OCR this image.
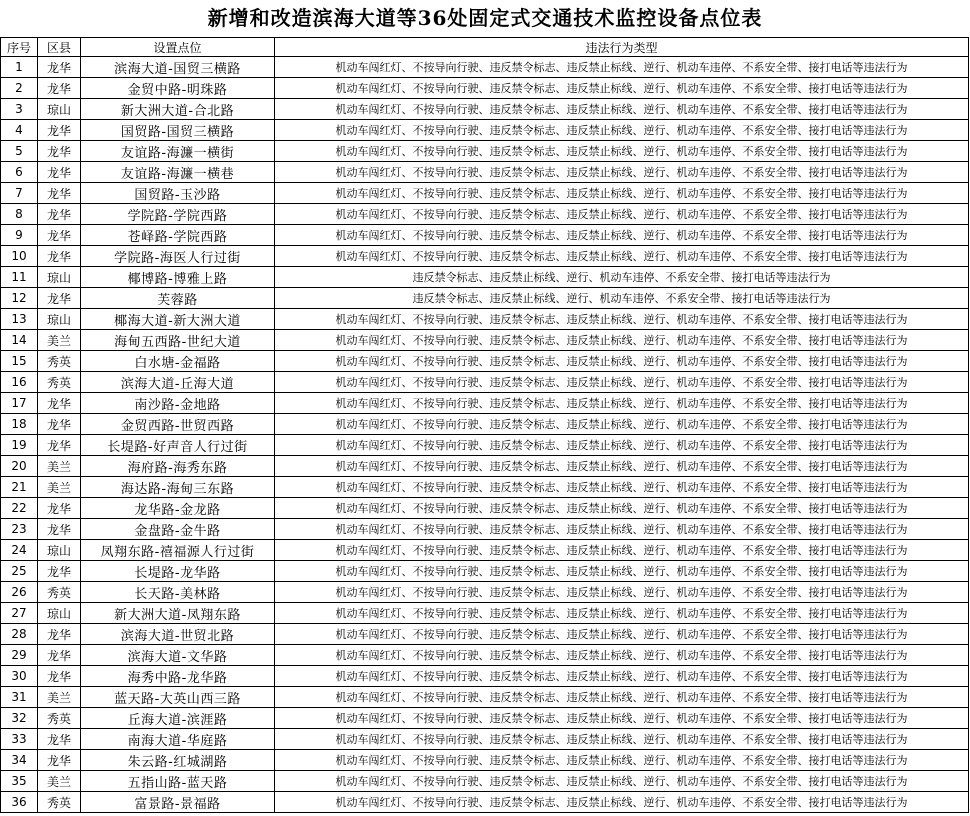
新增和改造滨海大道等36处固定式交通技术监控设备点位表
序号	区县	设置点位	违法行为类型
1	龙华	滨海大道-国贸三横路	机动车闯红灯、不按导向行驶、违反禁令标志、违反禁止标线、逆行、机动车违停、不系安全带、接打电话等违法行为
2	龙华	金贸中路-明珠路	机动车闯红灯、不按导向行驶、违反禁令标志、违反禁止标线、逆行、机动车违停、不系安全带、接打电话等违法行为
3	琼山	新大洲大道-合北路	机动车闯红灯、不按导向行驶、违反禁令标志、违反禁止标线、逆行、机动车违停、不系安全带、接打电话等违法行为
4	龙华	国贸路-国贸三横路	机动车闯红灯、不按导向行驶、违反禁令标志、违反禁止标线、逆行、机动车违停、不系安全带、接打电话等违法行为
5	龙华	友谊路-海濂一横街	机动车闯红灯、不按导向行驶、违反禁令标志、违反禁止标线、逆行、机动车违停、不系安全带、接打电话等违法行为
6	龙华	友谊路-海濂一横巷	机动车闯红灯、不按导向行驶、违反禁令标志、违反禁止标线、逆行、机动车违停、不系安全带、接打电话等违法行为
7	龙华	国贸路-玉沙路	机动车闯红灯、不按导向行驶、违反禁令标志、违反禁止标线、逆行、机动车违停、不系安全带、接打电话等违法行为
8	龙华	学院路-学院西路	机动车闯红灯、不按导向行驶、违反禁令标志、违反禁止标线、逆行、机动车违停、不系安全带、接打电话等违法行为
9	龙华	苍峄路-学院西路	机动车闯红灯、不按导向行驶、违反禁令标志、违反禁止标线、逆行、机动车违停、不系安全带、接打电话等违法行为
10	龙华	学院路-海医人行过街	机动车闯红灯、不按导向行驶、违反禁令标志、违反禁止标线、逆行、机动车违停、不系安全带、接打电话等违法行为
11	琼山	椰博路-博雅上路	违反禁令标志、违反禁止标线、逆行、机动车违停、不系安全带、接打电话等违法行为
12	龙华	芙蓉路	违反禁令标志、违反禁止标线、逆行、机动车违停、不系安全带、接打电话等违法行为
13	琼山	椰海大道-新大洲大道	机动车闯红灯、不按导向行驶、违反禁令标志、违反禁止标线、逆行、机动车违停、不系安全带、接打电话等违法行为
14	美兰	海甸五西路-世纪大道	机动车闯红灯、不按导向行驶、违反禁令标志、违反禁止标线、逆行、机动车违停、不系安全带、接打电话等违法行为
15	秀英	白水塘-金福路	机动车闯红灯、不按导向行驶、违反禁令标志、违反禁止标线、逆行、机动车违停、不系安全带、接打电话等违法行为
16	秀英	滨海大道-丘海大道	机动车闯红灯、不按导向行驶、违反禁令标志、违反禁止标线、逆行、机动车违停、不系安全带、接打电话等违法行为
17	龙华	南沙路-金地路	机动车闯红灯、不按导向行驶、违反禁令标志、违反禁止标线、逆行、机动车违停、不系安全带、接打电话等违法行为
18	龙华	金贸西路-世贸西路	机动车闯红灯、不按导向行驶、违反禁令标志、违反禁止标线、逆行、机动车违停、不系安全带、接打电话等违法行为
19	龙华	长堤路-好声音人行过街	机动车闯红灯、不按导向行驶、违反禁令标志、违反禁止标线、逆行、机动车违停、不系安全带、接打电话等违法行为
20	美兰	海府路-海秀东路	机动车闯红灯、不按导向行驶、违反禁令标志、违反禁止标线、逆行、机动车违停、不系安全带、接打电话等违法行为
21	美兰	海达路-海甸三东路	机动车闯红灯、不按导向行驶、违反禁令标志、违反禁止标线、逆行、机动车违停、不系安全带、接打电话等违法行为
22	龙华	龙华路-金龙路	机动车闯红灯、不按导向行驶、违反禁令标志、违反禁止标线、逆行、机动车违停、不系安全带、接打电话等违法行为
23	龙华	金盘路-金牛路	机动车闯红灯、不按导向行驶、违反禁令标志、违反禁止标线、逆行、机动车违停、不系安全带、接打电话等违法行为
24	琼山	凤翔东路-禧福源人行过街	机动车闯红灯、不按导向行驶、违反禁令标志、违反禁止标线、逆行、机动车违停、不系安全带、接打电话等违法行为
25	龙华	长堤路-龙华路	机动车闯红灯、不按导向行驶、违反禁令标志、违反禁止标线、逆行、机动车违停、不系安全带、接打电话等违法行为
26	秀英	长天路-美林路	机动车闯红灯、不按导向行驶、违反禁令标志、违反禁止标线、逆行、机动车违停、不系安全带、接打电话等违法行为
27	琼山	新大洲大道-凤翔东路	机动车闯红灯、不按导向行驶、违反禁令标志、违反禁止标线、逆行、机动车违停、不系安全带、接打电话等违法行为
28	龙华	滨海大道-世贸北路	机动车闯红灯、不按导向行驶、违反禁令标志、违反禁止标线、逆行、机动车违停、不系安全带、接打电话等违法行为
29	龙华	滨海大道-文华路	机动车闯红灯、不按导向行驶、违反禁令标志、违反禁止标线、逆行、机动车违停、不系安全带、接打电话等违法行为
30	龙华	海秀中路-龙华路	机动车闯红灯、不按导向行驶、违反禁令标志、违反禁止标线、逆行、机动车违停、不系安全带、接打电话等违法行为
31	美兰	蓝天路-大英山西三路	机动车闯红灯、不按导向行驶、违反禁令标志、违反禁止标线、逆行、机动车违停、不系安全带、接打电话等违法行为
32	秀英	丘海大道-滨涯路	机动车闯红灯、不按导向行驶、违反禁令标志、违反禁止标线、逆行、机动车违停、不系安全带、接打电话等违法行为
33	龙华	南海大道-华庭路	机动车闯红灯、不按导向行驶、违反禁令标志、违反禁止标线、逆行、机动车违停、不系安全带、接打电话等违法行为
34	龙华	朱云路-红城湖路	机动车闯红灯、不按导向行驶、违反禁令标志、违反禁止标线、逆行、机动车违停、不系安全带、接打电话等违法行为
35	美兰	五指山路-蓝天路	机动车闯红灯、不按导向行驶、违反禁令标志、违反禁止标线、逆行、机动车违停、不系安全带、接打电话等违法行为
36	秀英	富景路-景福路	机动车闯红灯、不按导向行驶、违反禁令标志、违反禁止标线、逆行、机动车违停、不系安全带、接打电话等违法行为
